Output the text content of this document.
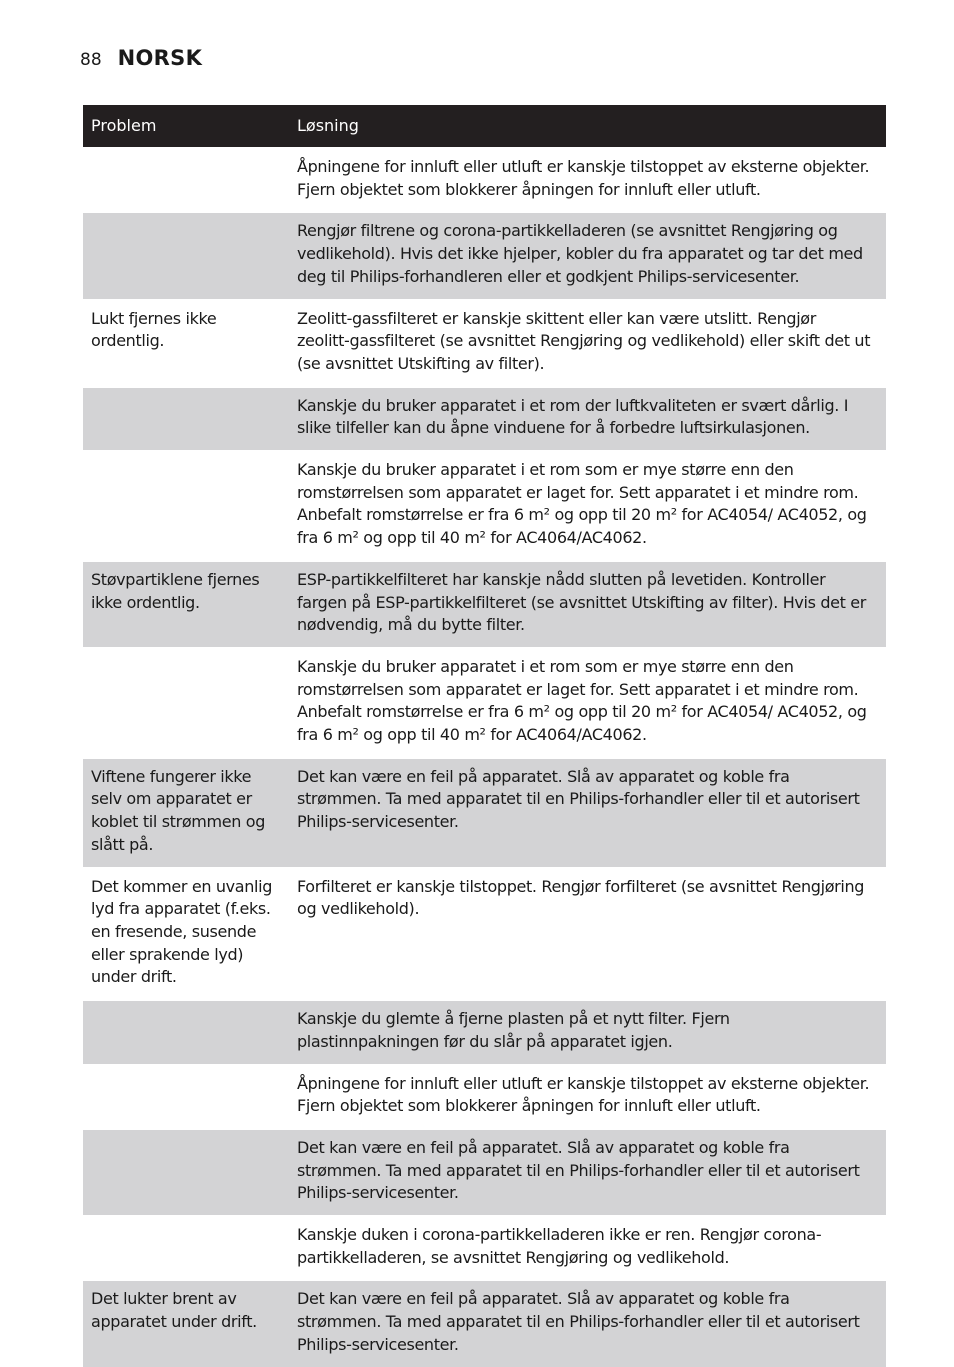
88 NORSK
Problem	Løsning
	Åpningene for innluft eller utluft er kanskje tilstoppet av eksterne objekter. Fjern objektet som blokkerer åpningen for innluft eller utluft.
	Rengjør filtrene og corona-partikkelladeren (se avsnittet Rengjøring og vedlikehold). Hvis det ikke hjelper, kobler du fra apparatet og tar det med deg til Philips-forhandleren eller et godkjent Philips-servicesenter.
Lukt fjernes ikke ordentlig.	Zeolitt-gassfilteret er kanskje skittent eller kan være utslitt. Rengjør zeolitt-gassfilteret (se avsnittet Rengjøring og vedlikehold) eller skift det ut (se avsnittet Utskifting av filter).
	Kanskje du bruker apparatet i et rom der luftkvaliteten er svært dårlig. I slike tilfeller kan du åpne vinduene for å forbedre luftsirkulasjonen.
	Kanskje du bruker apparatet i et rom som er mye større enn den romstørrelsen som apparatet er laget for. Sett apparatet i et mindre rom. Anbefalt romstørrelse er fra 6 m² og opp til 20 m² for AC4054/ AC4052, og fra 6 m² og opp til 40 m² for AC4064/AC4062.
Støvpartiklene fjernes ikke ordentlig.	ESP-partikkelfilteret har kanskje nådd slutten på levetiden. Kontroller fargen på ESP-partikkelfilteret (se avsnittet Utskifting av filter). Hvis det er nødvendig, må du bytte filter.
	Kanskje du bruker apparatet i et rom som er mye større enn den romstørrelsen som apparatet er laget for. Sett apparatet i et mindre rom. Anbefalt romstørrelse er fra 6 m² og opp til 20 m² for AC4054/ AC4052, og fra 6 m² og opp til 40 m² for AC4064/AC4062.
Viftene fungerer ikke selv om apparatet er koblet til strømmen og slått på.	Det kan være en feil på apparatet. Slå av apparatet og koble fra strømmen. Ta med apparatet til en Philips-forhandler eller til et autorisert Philips-servicesenter.
Det kommer en uvanlig lyd fra apparatet (f.eks. en fresende, susende eller sprakende lyd) under drift.	Forfilteret er kanskje tilstoppet. Rengjør forfilteret (se avsnittet Rengjøring og vedlikehold).
	Kanskje du glemte å fjerne plasten på et nytt filter. Fjern plastinnpakningen før du slår på apparatet igjen.
	Åpningene for innluft eller utluft er kanskje tilstoppet av eksterne objekter. Fjern objektet som blokkerer åpningen for innluft eller utluft.
	Det kan være en feil på apparatet. Slå av apparatet og koble fra strømmen. Ta med apparatet til en Philips-forhandler eller til et autorisert Philips-servicesenter.
	Kanskje duken i corona-partikkelladeren ikke er ren. Rengjør corona-partikkelladeren, se avsnittet Rengjøring og vedlikehold.
Det lukter brent av apparatet under drift.	Det kan være en feil på apparatet. Slå av apparatet og koble fra strømmen. Ta med apparatet til en Philips-forhandler eller til et autorisert Philips-servicesenter.
